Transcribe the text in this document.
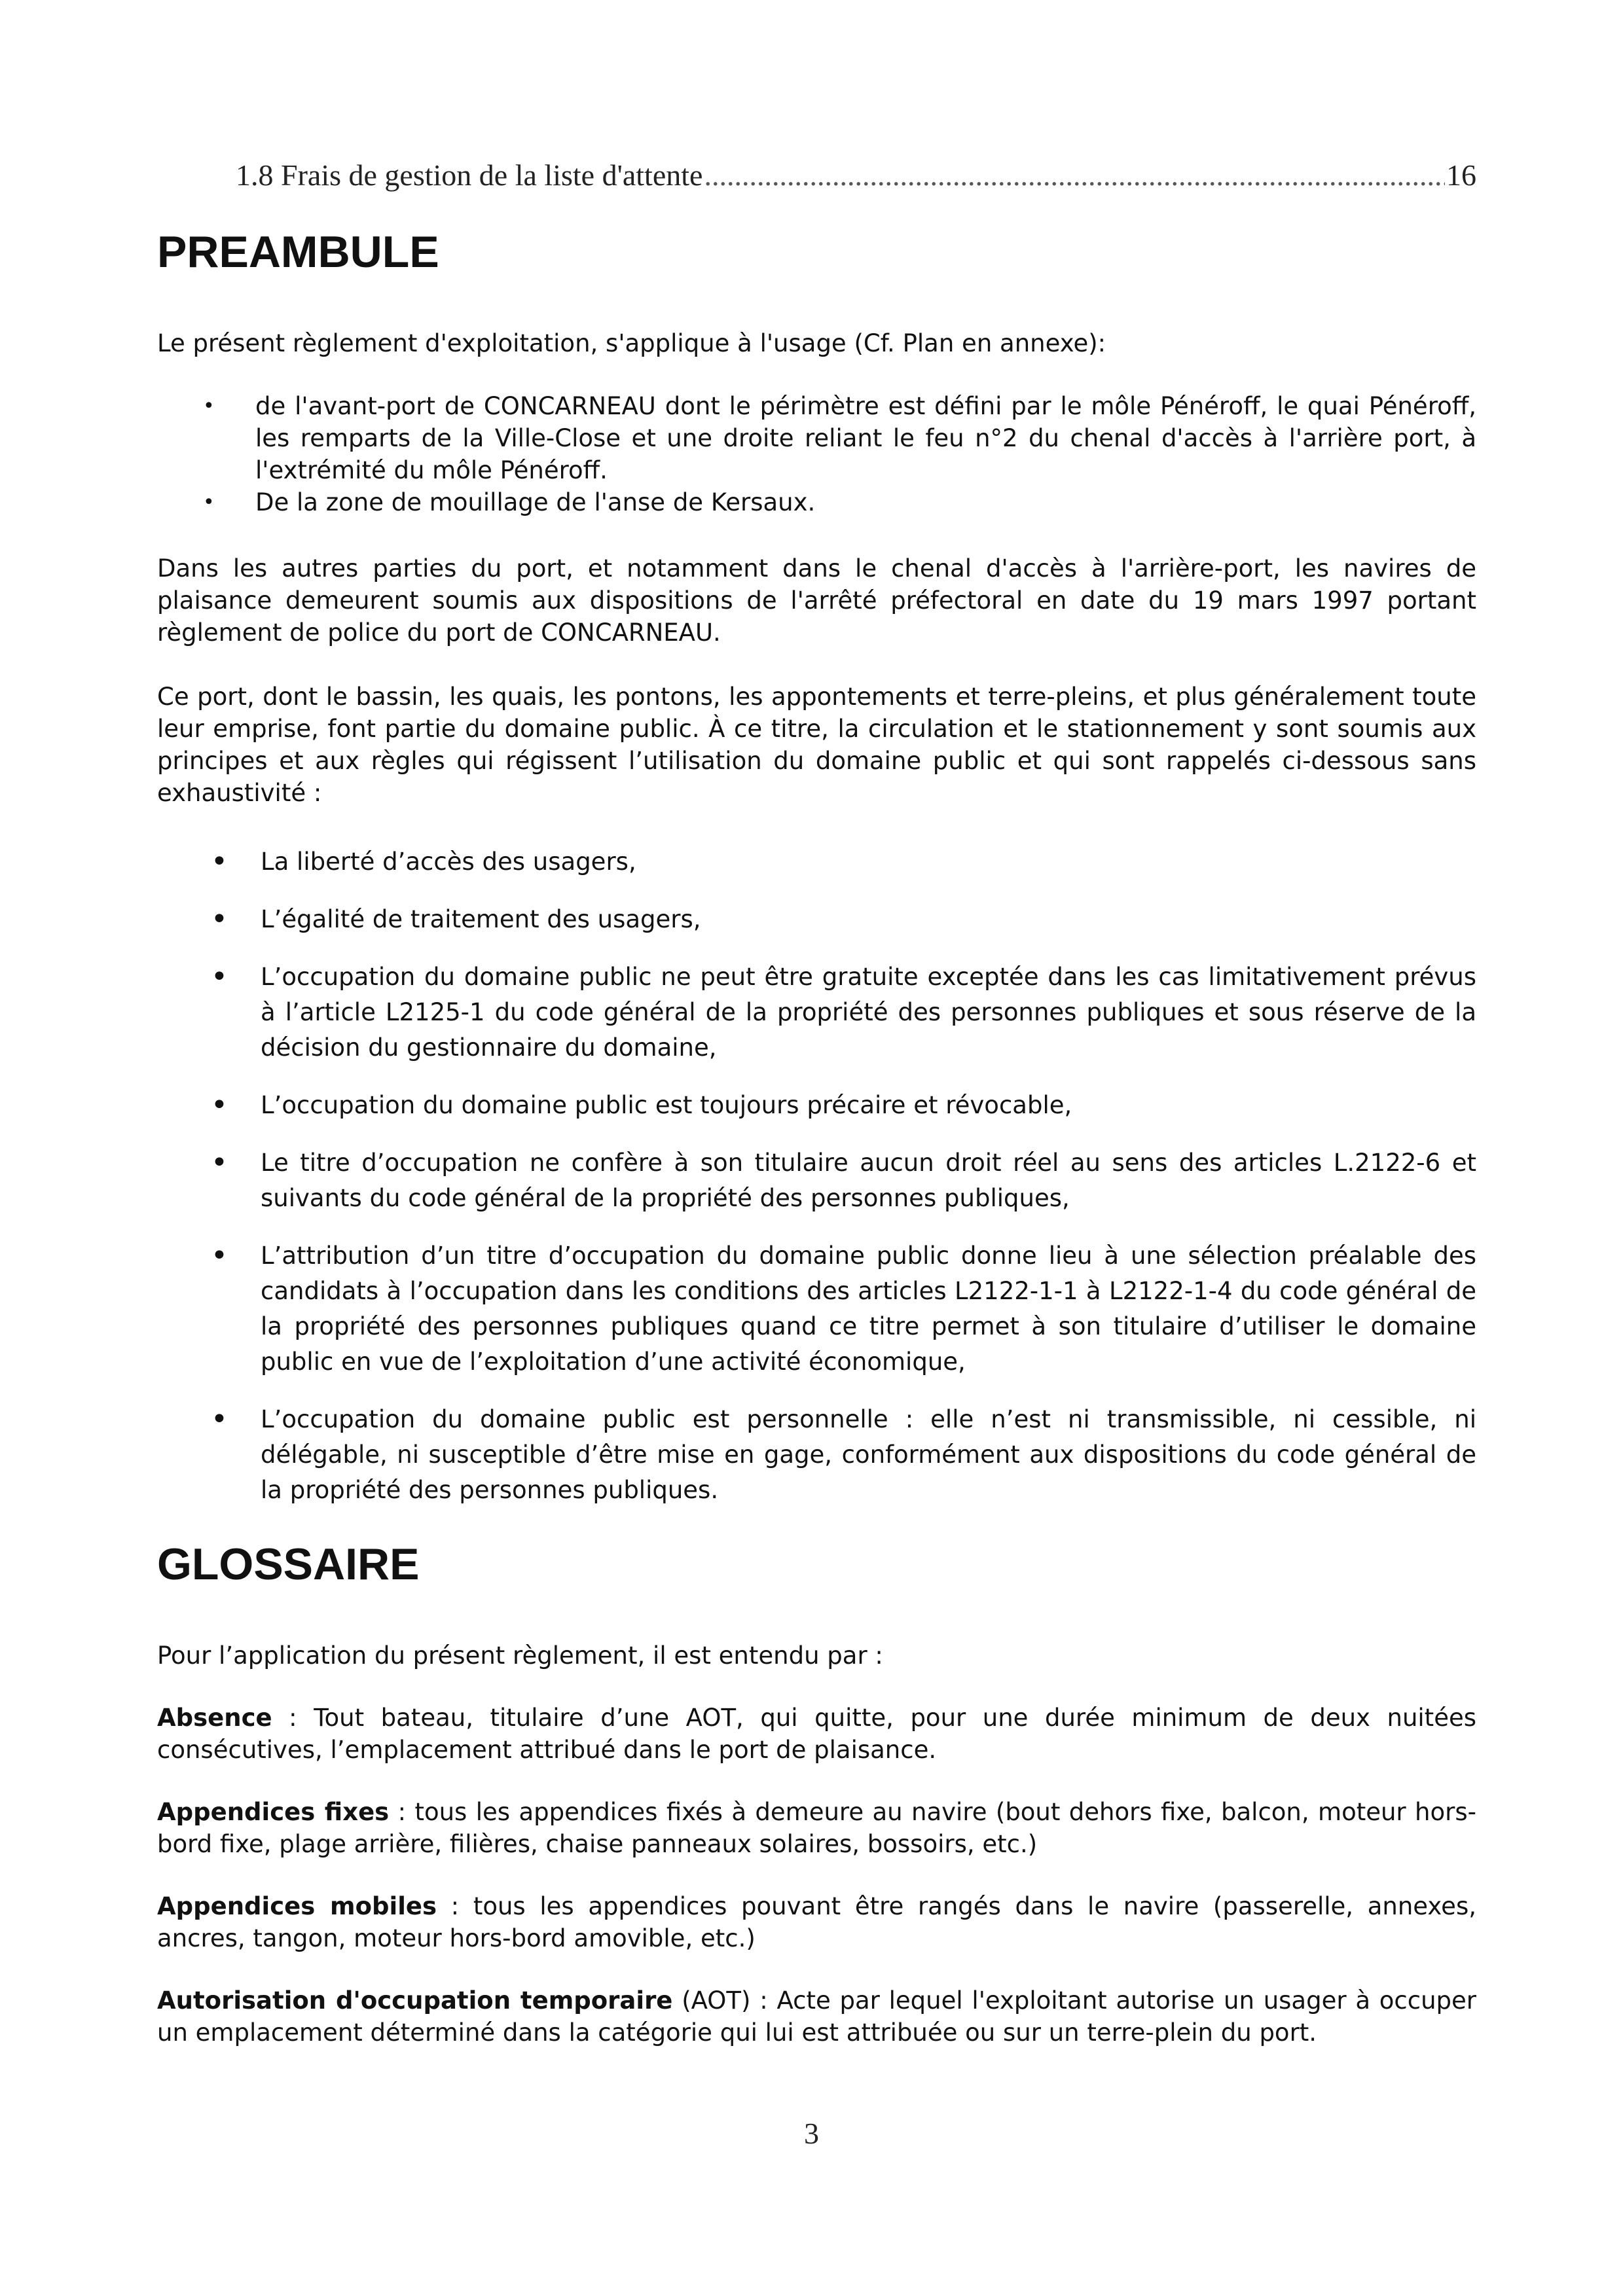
1.8 Frais de gestion de la liste d'attente
.....	16
PREAMBULE

Le présent règlement d'exploitation, s'applique à l'usage (Cf. Plan en annexe):

• de l'avant-port de CONCARNEAU dont le périmètre est défini par le môle Pénéroff, le quai Pénéroff, les remparts de la Ville-Close et une droite reliant le feu n°2 du chenal d'accès à l'arrière port, à l'extrémité du môle Pénéroff.
• De la zone de mouillage de l'anse de Kersaux.

Dans les autres parties du port, et notamment dans le chenal d'accès à l'arrière-port, les navires de plaisance demeurent soumis aux dispositions de l'arrêté préfectoral en date du 19 mars 1997 portant règlement de police du port de CONCARNEAU.

Ce port, dont le bassin, les quais, les pontons, les appontements et terre-pleins, et plus généralement toute leur emprise, font partie du domaine public. À ce titre, la circulation et le stationnement y sont soumis aux principes et aux règles qui régissent l’utilisation du domaine public et qui sont rappelés ci-dessous sans exhaustivité :

• La liberté d’accès des usagers,
• L’égalité de traitement des usagers,
• L’occupation du domaine public ne peut être gratuite exceptée dans les cas limitativement prévus à l’article L2125-1 du code général de la propriété des personnes publiques et sous réserve de la décision du gestionnaire du domaine,
• L’occupation du domaine public est toujours précaire et révocable,
• Le titre d’occupation ne confère à son titulaire aucun droit réel au sens des articles L.2122-6 et suivants du code général de la propriété des personnes publiques,
• L’attribution d’un titre d’occupation du domaine public donne lieu à une sélection préalable des candidats à l’occupation dans les conditions des articles L2122-1-1 à L2122-1-4 du code général de la propriété des personnes publiques quand ce titre permet à son titulaire d’utiliser le domaine public en vue de l’exploitation d’une activité économique,
• L’occupation du domaine public est personnelle : elle n’est ni transmissible, ni cessible, ni délégable, ni susceptible d’être mise en gage, conformément aux dispositions du code général de la propriété des personnes publiques.
GLOSSAIRE

Pour l’application du présent règlement, il est entendu par :

Absence : Tout bateau, titulaire d’une AOT, qui quitte, pour une durée minimum de deux nuitées consécutives, l’emplacement attribué dans le port de plaisance.

Appendices fixes : tous les appendices fixés à demeure au navire (bout dehors fixe, balcon, moteur hors-bord fixe, plage arrière, filières, chaise panneaux solaires, bossoirs, etc.)

Appendices mobiles : tous les appendices pouvant être rangés dans le navire (passerelle, annexes, ancres, tangon, moteur hors-bord amovible, etc.)

Autorisation d'occupation temporaire (AOT) : Acte par lequel l'exploitant autorise un usager à occuper un emplacement déterminé dans la catégorie qui lui est attribuée ou sur un terre-plein du port.

3
